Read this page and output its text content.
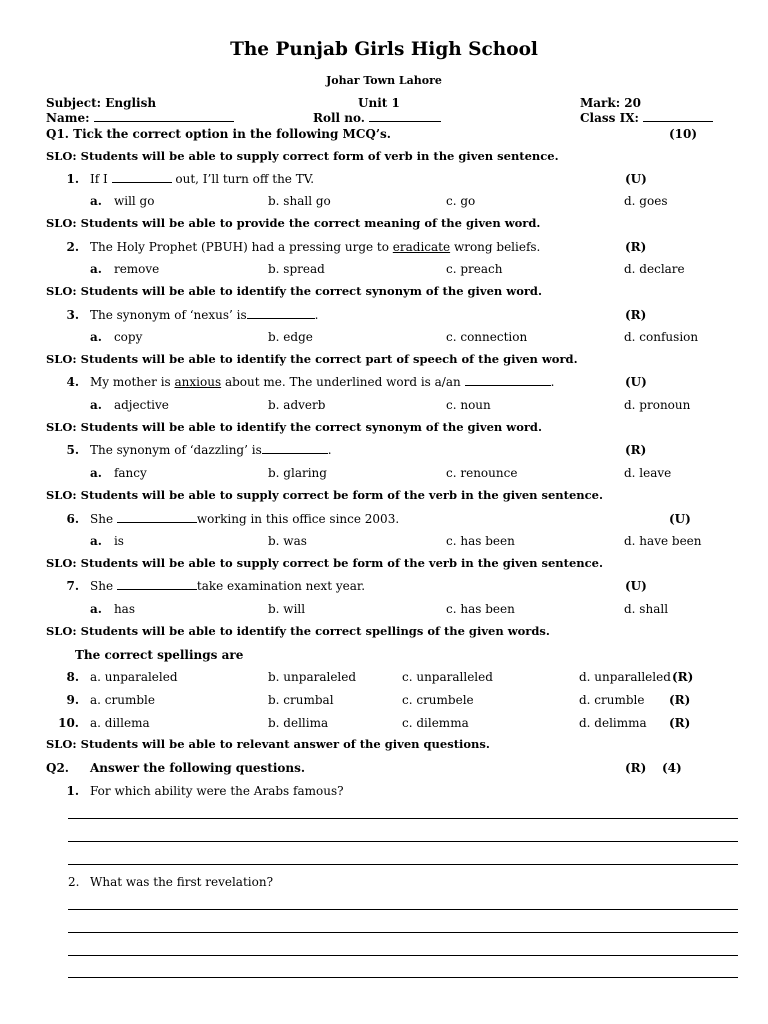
The Punjab Girls High School
Johar Town Lahore
Subject: English	Unit 1	Mark: 20
Name:	Roll no.	Class IX:
Q1. Tick the correct option in the following MCQ’s.	(10)
SLO: Students will be able to supply correct form of verb in the given sentence.
1. If I	out, I’ll turn off the TV.	(U)
a. will go	b. shall go	c. go	d. goes
SLO: Students will be able to provide the correct meaning of the given word.
2. The Holy Prophet (PBUH) had a pressing urge to eradicate wrong beliefs.	(R)
a. remove	b. spread	c. preach	d. declare
SLO: Students will be able to identify the correct synonym of the given word.
3. The synonym of ‘nexus’ is	.	(R)
a. copy	b. edge	c. connection	d. confusion
SLO: Students will be able to identify the correct part of speech of the given word.
4. My mother is anxious about me. The underlined word is a/an	.	(U)
a. adjective	b. adverb	c. noun	d. pronoun
SLO: Students will be able to identify the correct synonym of the given word.
5. The synonym of ‘dazzling’ is	.	(R)
a. fancy	b. glaring	c. renounce	d. leave
SLO: Students will be able to supply correct be form of the verb in the given sentence.
6. She	working in this office since 2003.	(U)
a. is	b. was	c. has been	d. have been
SLO: Students will be able to supply correct be form of the verb in the given sentence.
7. She	take examination next year.	(U)
a. has	b. will	c. has been	d. shall
SLO: Students will be able to identify the correct spellings of the given words.
The correct spellings are
8. a. unparaleled	b. unparaleled	c. unparalleled	d. unparalleled (R)
9. a. crumble	b. crumbal	c. crumbele	d. crumble (R)
10. a. dillema	b. dellima	c. dilemma	d. delimma (R)
SLO: Students will be able to relevant answer of the given questions.
Q2. Answer the following questions.	(R) (4)
1. For which ability were the Arabs famous?
2. What was the first revelation?
